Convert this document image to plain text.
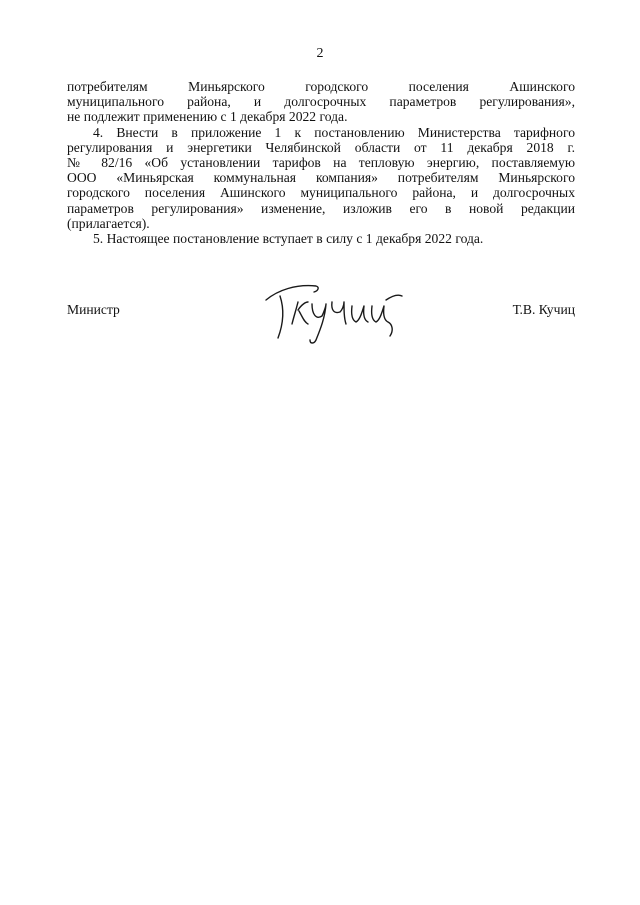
2
потребителям Миньярского городского поселения Ашинского
муниципального района, и долгосрочных параметров регулирования»,
не подлежит применению с 1 декабря 2022 года.
4. Внести в приложение 1 к постановлению Министерства тарифного
регулирования и энергетики Челябинской области от 11 декабря 2018 г.
№ 82/16 «Об установлении тарифов на тепловую энергию, поставляемую
ООО «Миньярская коммунальная компания» потребителям Миньярского
городского поселения Ашинского муниципального района, и долгосрочных
параметров регулирования» изменение, изложив его в новой редакции
(прилагается).
5. Настоящее постановление вступает в силу с 1 декабря 2022 года.
Министр	Т.В. Кучиц
